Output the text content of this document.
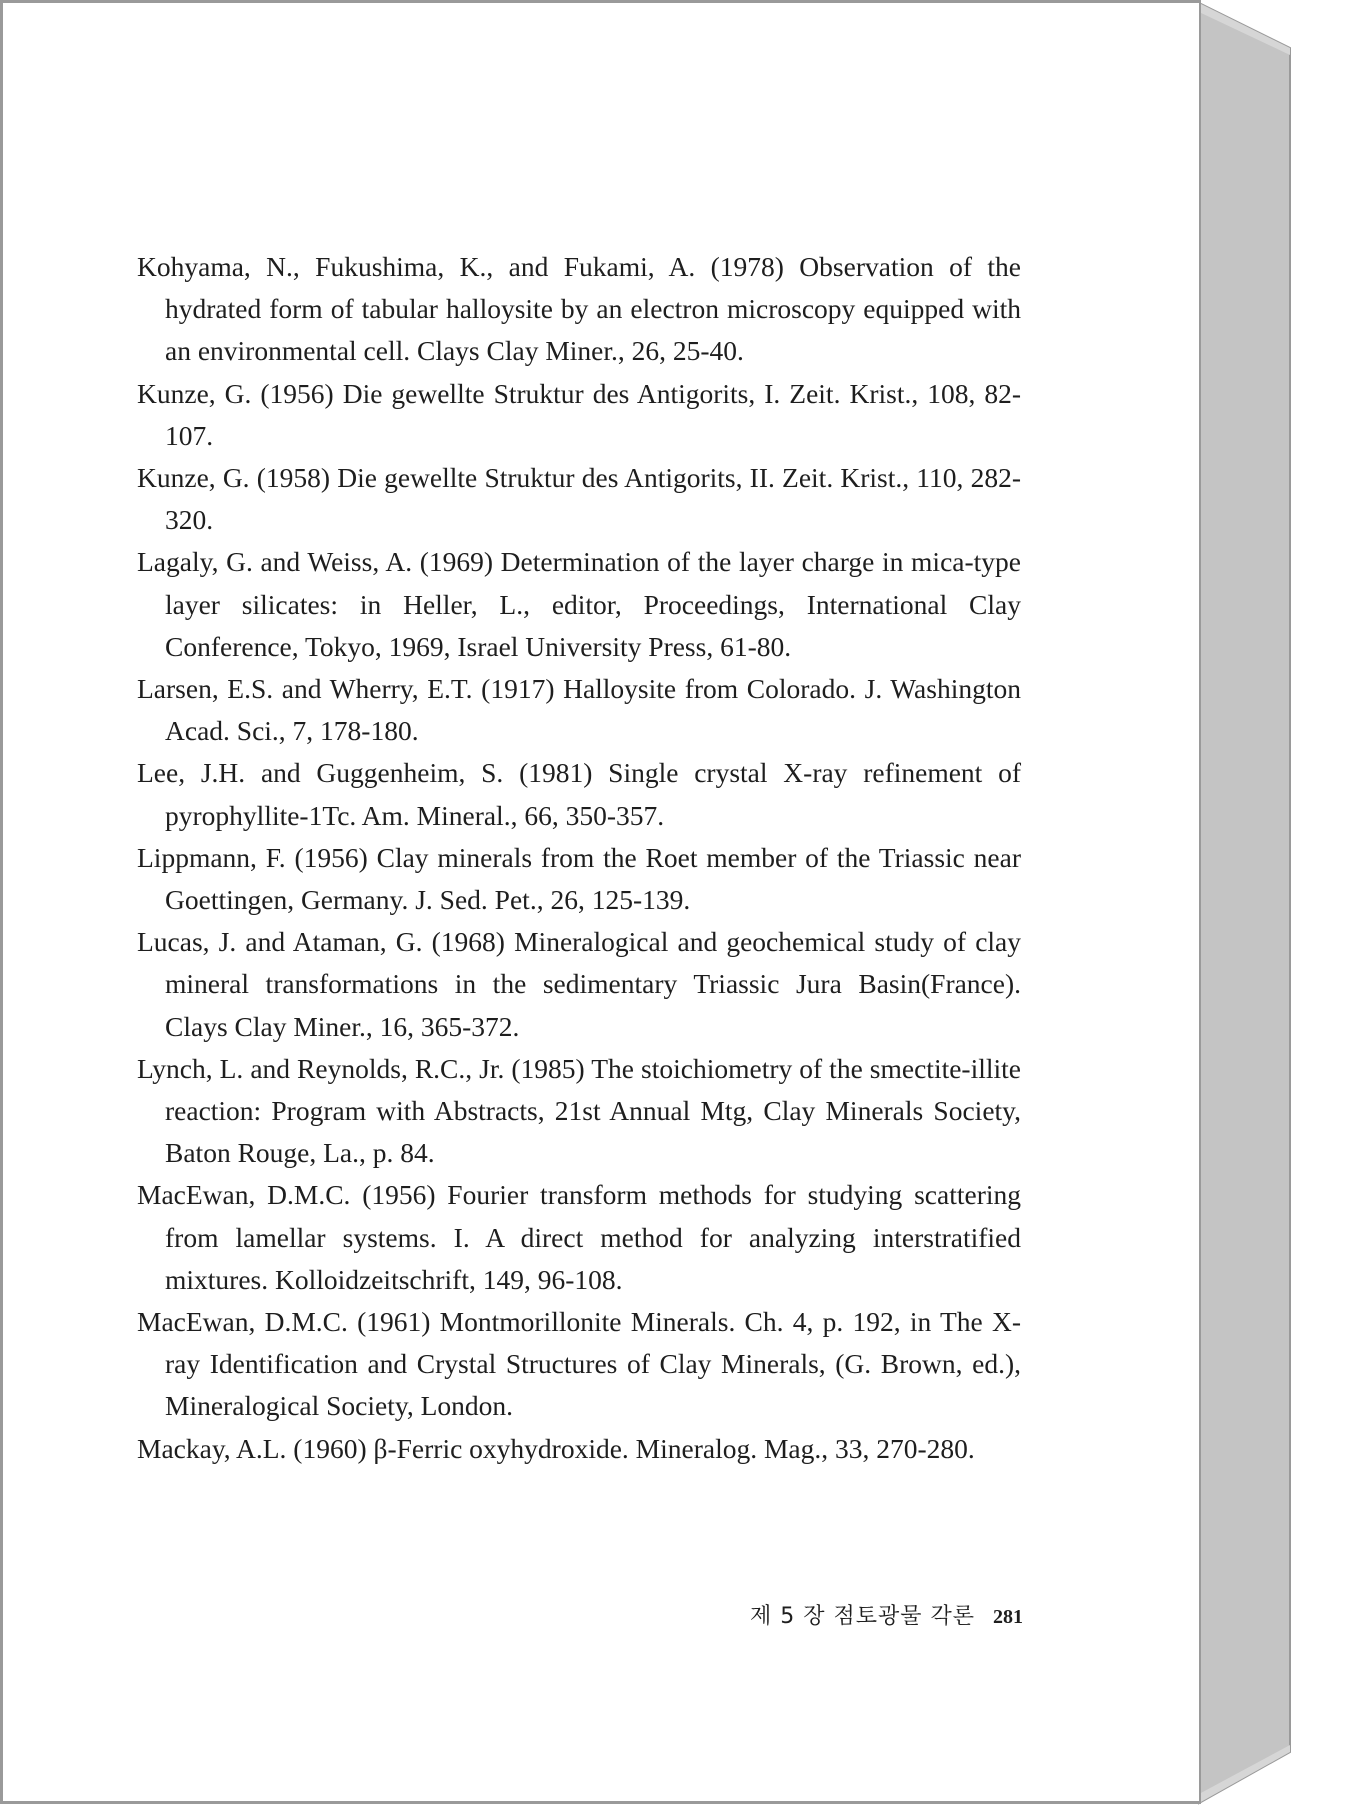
Kohyama, N., Fukushima, K., and Fukami, A. (1978) Observation of the hydrated form of tabular halloysite by an electron microscopy equipped with an environmental cell. Clays Clay Miner., 26, 25-40.

Kunze, G. (1956) Die gewellte Struktur des Antigorits, I. Zeit. Krist., 108, 82-107.

Kunze, G. (1958) Die gewellte Struktur des Antigorits, II. Zeit. Krist., 110, 282-320.

Lagaly, G. and Weiss, A. (1969) Determination of the layer charge in mica-type layer silicates: in Heller, L., editor, Proceedings, International Clay Conference, Tokyo, 1969, Israel University Press, 61-80.

Larsen, E.S. and Wherry, E.T. (1917) Halloysite from Colorado. J. Washington Acad. Sci., 7, 178-180.

Lee, J.H. and Guggenheim, S. (1981) Single crystal X-ray refinement of pyrophyllite-1Tc. Am. Mineral., 66, 350-357.

Lippmann, F. (1956) Clay minerals from the Roet member of the Triassic near Goettingen, Germany. J. Sed. Pet., 26, 125-139.

Lucas, J. and Ataman, G. (1968) Mineralogical and geochemical study of clay mineral transformations in the sedimentary Triassic Jura Basin(France). Clays Clay Miner., 16, 365-372.

Lynch, L. and Reynolds, R.C., Jr. (1985) The stoichiometry of the smectite-illite reaction: Program with Abstracts, 21st Annual Mtg, Clay Minerals Society, Baton Rouge, La., p. 84.

MacEwan, D.M.C. (1956) Fourier transform methods for studying scattering from lamellar systems. I. A direct method for analyzing interstratified mixtures. Kolloidzeitschrift, 149, 96-108.

MacEwan, D.M.C. (1961) Montmorillonite Minerals. Ch. 4, p. 192, in The X-ray Identification and Crystal Structures of Clay Minerals, (G. Brown, ed.), Mineralogical Society, London.

Mackay, A.L. (1960) β-Ferric oxyhydroxide. Mineralog. Mag., 33, 270-280.

제 5 장 점토광물 각론 281
